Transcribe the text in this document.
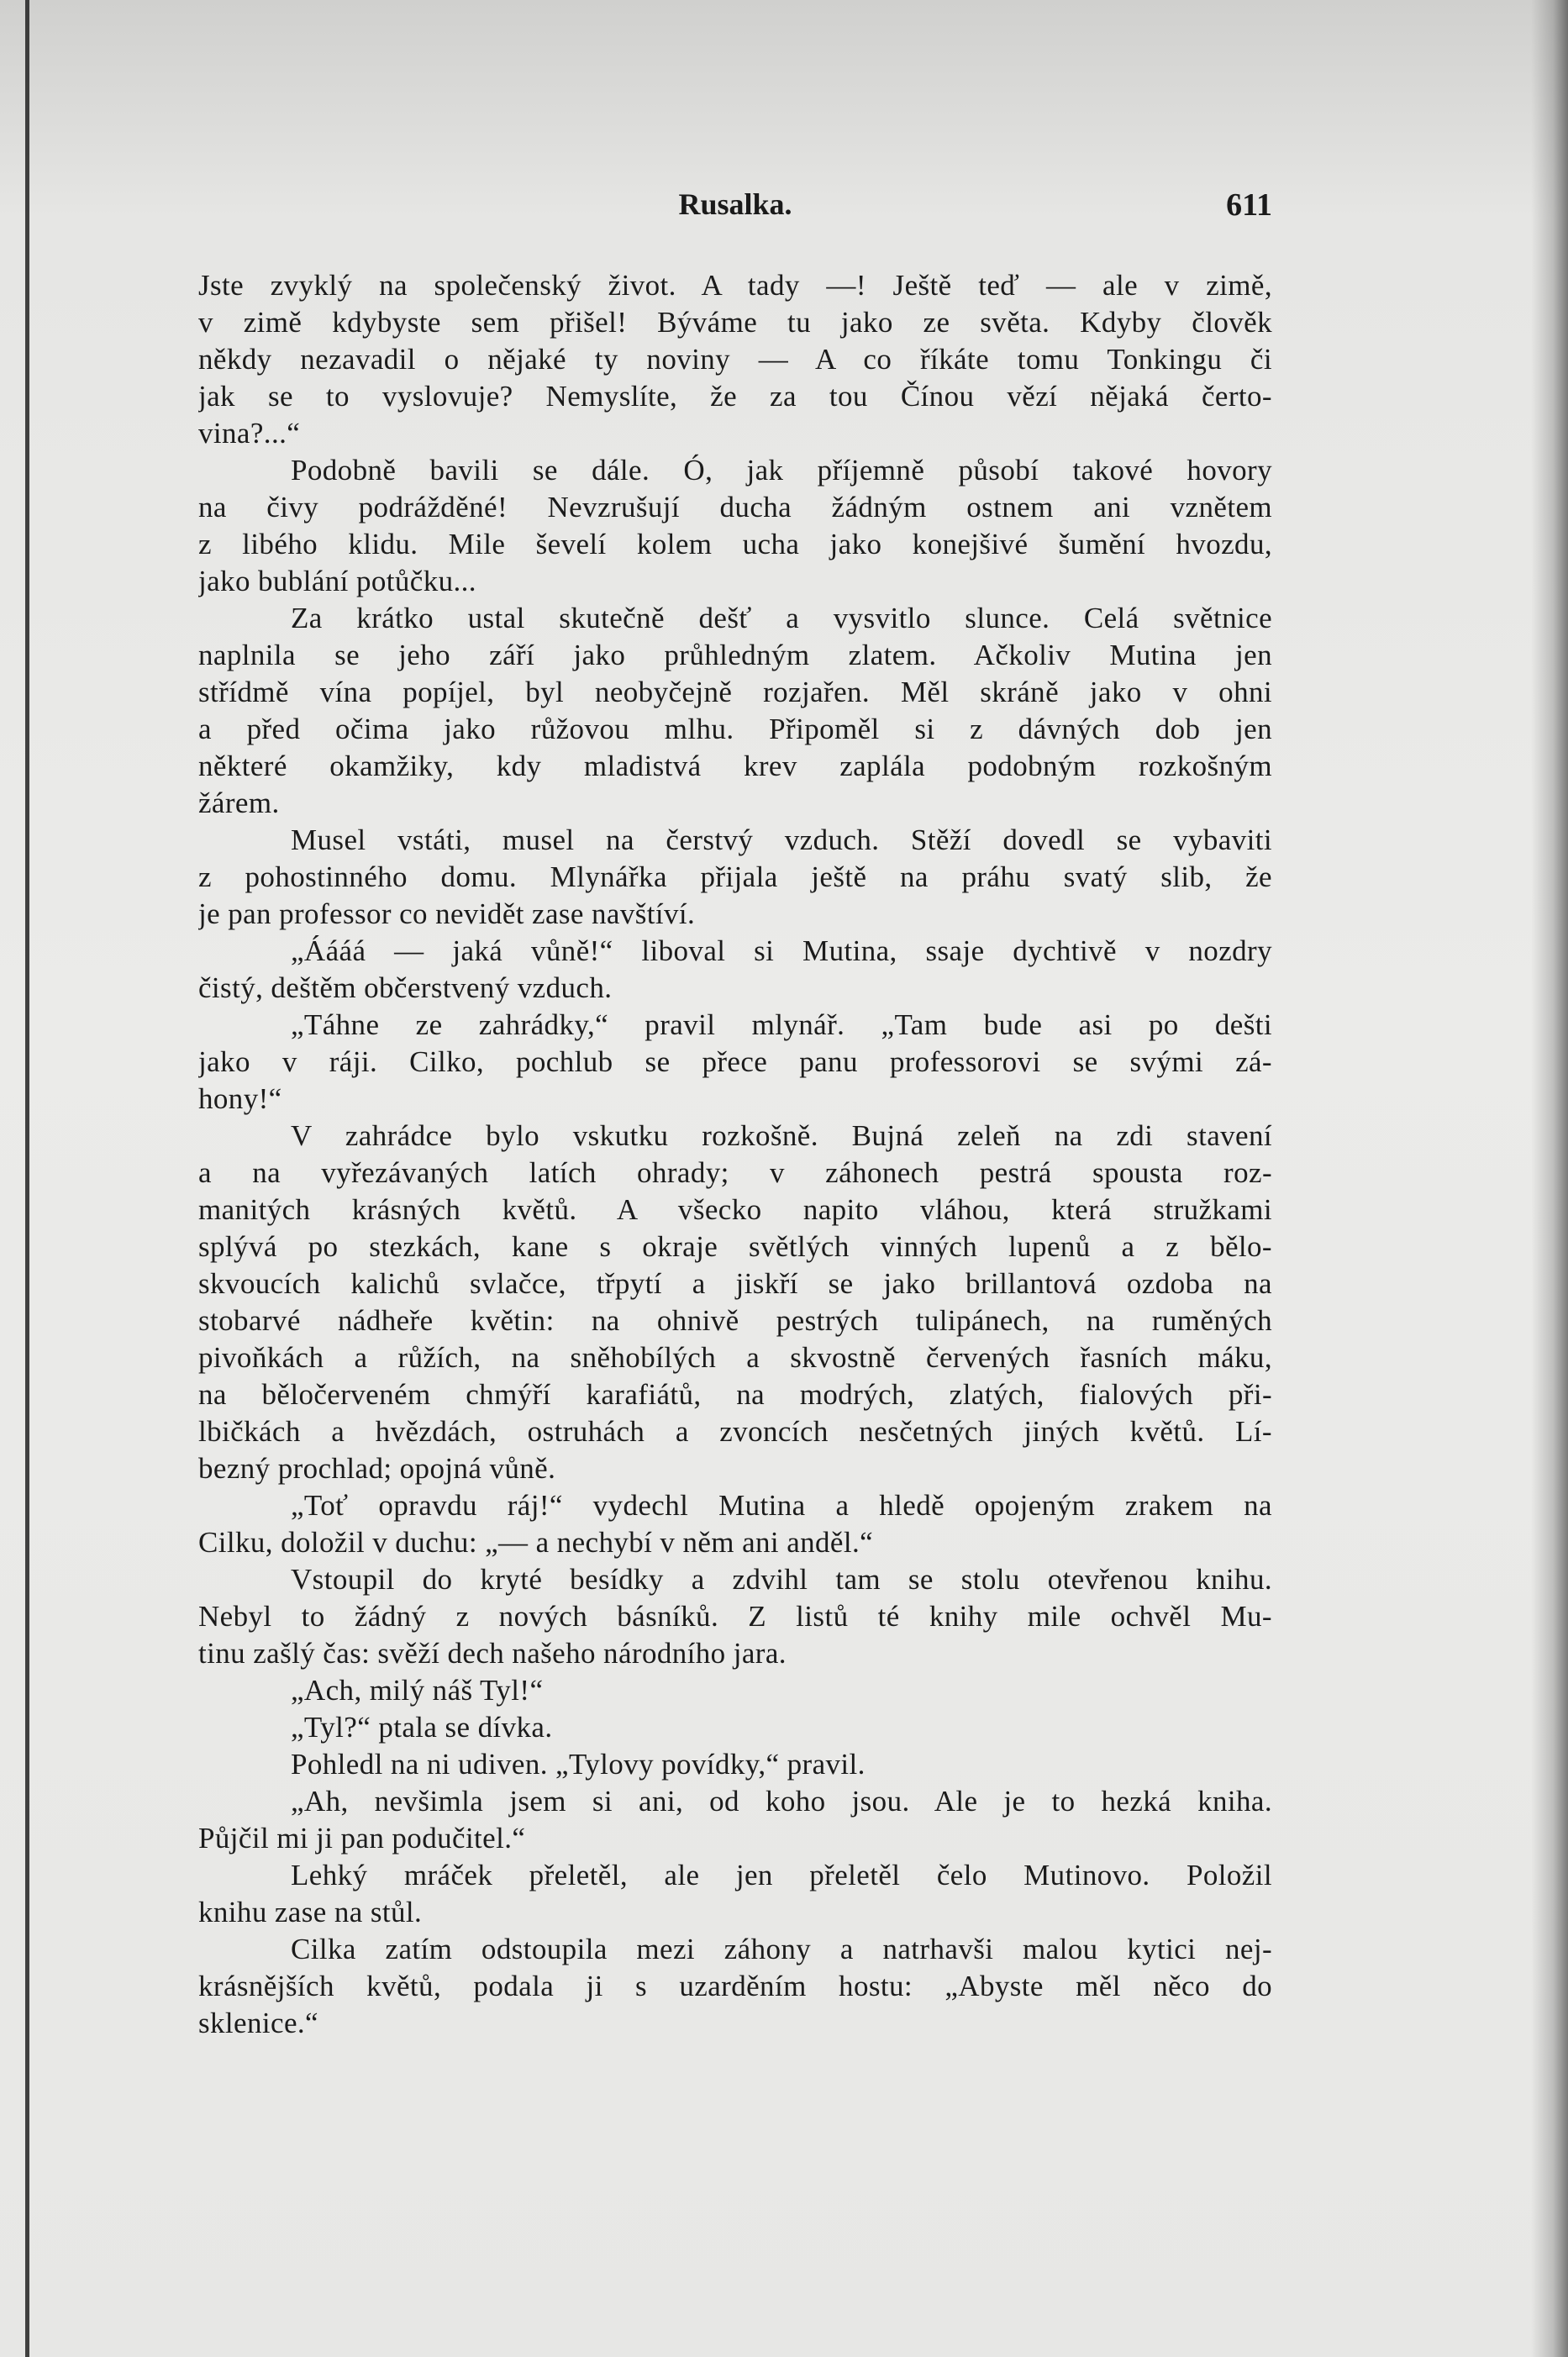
Rusalka.	611
Jste zvyklý na společenský život. A tady —! Ještě teď — ale v zimě,
v zimě kdybyste sem přišel! Býváme tu jako ze světa. Kdyby člověk
někdy nezavadil o nějaké ty noviny — A co říkáte tomu Tonkingu či
jak se to vyslovuje? Nemyslíte, že za tou Čínou vězí nějaká čerto-
vina?...“
Podobně bavili se dále. Ó, jak příjemně působí takové hovory
na čivy podrážděné! Nevzrušují ducha žádným ostnem ani vznětem
z libého klidu. Mile ševelí kolem ucha jako konejšivé šumění hvozdu,
jako bublání potůčku...
Za krátko ustal skutečně dešť a vysvitlo slunce. Celá světnice
naplnila se jeho září jako průhledným zlatem. Ačkoliv Mutina jen
střídmě vína popíjel, byl neobyčejně rozjařen. Měl skráně jako v ohni
a před očima jako růžovou mlhu. Připoměl si z dávných dob jen
některé okamžiky, kdy mladistvá krev zaplála podobným rozkošným
žárem.
Musel vstáti, musel na čerstvý vzduch. Stěží dovedl se vybaviti
z pohostinného domu. Mlynářka přijala ještě na práhu svatý slib, že
je pan professor co nevidět zase navštíví.
„Áááá — jaká vůně!“ liboval si Mutina, ssaje dychtivě v nozdry
čistý, deštěm občerstvený vzduch.
„Táhne ze zahrádky,“ pravil mlynář. „Tam bude asi po dešti
jako v ráji. Cilko, pochlub se přece panu professorovi se svými zá-
hony!“
V zahrádce bylo vskutku rozkošně. Bujná zeleň na zdi stavení
a na vyřezávaných latích ohrady; v záhonech pestrá spousta roz-
manitých krásných květů. A všecko napito vláhou, která stružkami
splývá po stezkách, kane s okraje světlých vinných lupenů a z bělo-
skvoucích kalichů svlačce, třpytí a jiskří se jako brillantová ozdoba na
stobarvé nádheře květin: na ohnivě pestrých tulipánech, na ruměných
pivoňkách a růžích, na sněhobílých a skvostně červených řasních máku,
na běločerveném chmýří karafiátů, na modrých, zlatých, fialových při-
lbičkách a hvězdách, ostruhách a zvoncích nesčetných jiných květů. Lí-
bezný prochlad; opojná vůně.
„Toť opravdu ráj!“ vydechl Mutina a hledě opojeným zrakem na
Cilku, doložil v duchu: „— a nechybí v něm ani anděl.“
Vstoupil do kryté besídky a zdvihl tam se stolu otevřenou knihu.
Nebyl to žádný z nových básníků. Z listů té knihy mile ochvěl Mu-
tinu zašlý čas: svěží dech našeho národního jara.
„Ach, milý náš Tyl!“
„Tyl?“ ptala se dívka.
Pohledl na ni udiven. „Tylovy povídky,“ pravil.
„Ah, nevšimla jsem si ani, od koho jsou. Ale je to hezká kniha.
Půjčil mi ji pan podučitel.“
Lehký mráček přeletěl, ale jen přeletěl čelo Mutinovo. Položil
knihu zase na stůl.
Cilka zatím odstoupila mezi záhony a natrhavši malou kytici nej-
krásnějších květů, podala ji s uzarděním hostu: „Abyste měl něco do
sklenice.“
